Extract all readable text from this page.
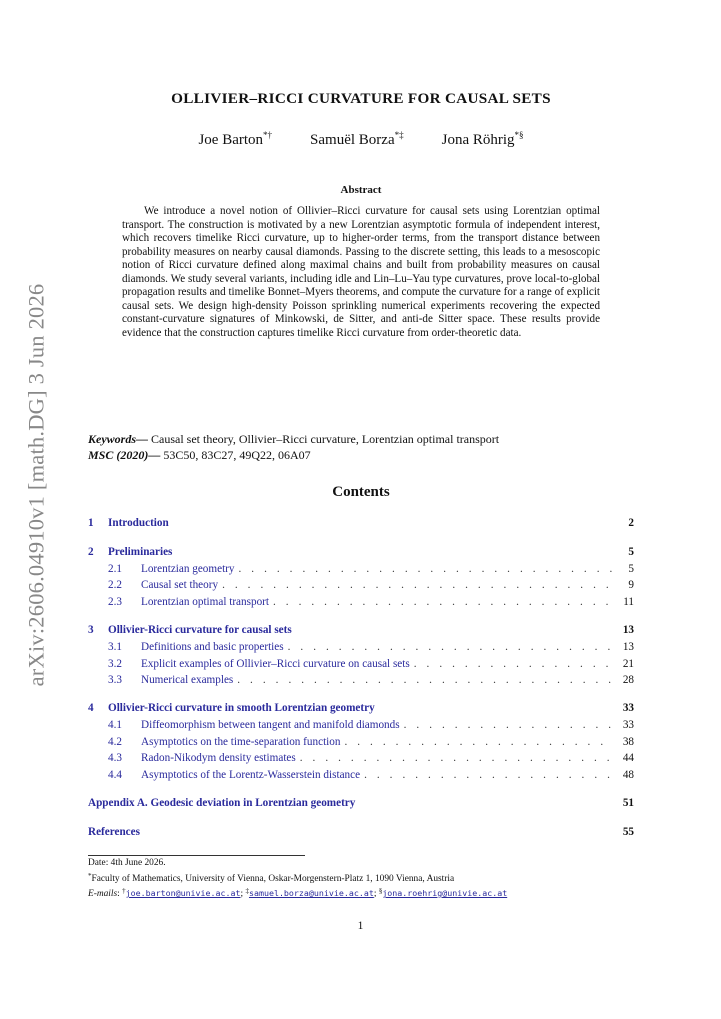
arXiv:2606.04910v1 [math.DG] 3 Jun 2026
OLLIVIER–RICCI CURVATURE FOR CAUSAL SETS
Joe Barton*†	Samuël Borza*‡	Jona Röhrig*§
Abstract
We introduce a novel notion of Ollivier–Ricci curvature for causal sets using Lorentzian optimal transport. The construction is motivated by a new Lorentzian asymptotic formula of independent interest, which recovers timelike Ricci curvature, up to higher-order terms, from the transport distance between probability measures on nearby causal diamonds. Passing to the discrete setting, this leads to a mesoscopic notion of Ricci curvature defined along maximal chains and built from probability measures on causal diamonds. We study several variants, including idle and Lin–Lu–Yau type curvatures, prove local-to-global propagation results and timelike Bonnet–Myers theorems, and compute the curvature for a range of explicit causal sets. We design high-density Poisson sprinkling numerical experiments recovering the expected constant-curvature signatures of Minkowski, de Sitter, and anti-de Sitter space. These results provide evidence that the construction captures timelike Ricci curvature from order-theoretic data.
Keywords— Causal set theory, Ollivier–Ricci curvature, Lorentzian optimal transport
MSC (2020)— 53C50, 83C27, 49Q22, 06A07
Contents
1	Introduction	2
2	Preliminaries	5
2.1	Lorentzian geometry . . .	5
2.2	Causal set theory . . .	9
2.3	Lorentzian optimal transport . . .	11
3	Ollivier-Ricci curvature for causal sets	13
3.1	Definitions and basic properties . . .	13
3.2	Explicit examples of Ollivier–Ricci curvature on causal sets . . .	21
3.3	Numerical examples . . .	28
4	Ollivier-Ricci curvature in smooth Lorentzian geometry	33
4.1	Diffeomorphism between tangent and manifold diamonds . . .	33
4.2	Asymptotics on the time-separation function . . .	38
4.3	Radon-Nikodym density estimates . . .	44
4.4	Asymptotics of the Lorentz-Wasserstein distance . . .	48
Appendix A. Geodesic deviation in Lorentzian geometry	51
References	55
Date: 4th June 2026.
*Faculty of Mathematics, University of Vienna, Oskar-Morgenstern-Platz 1, 1090 Vienna, Austria
E-mails: †joe.barton@univie.ac.at; ‡samuel.borza@univie.ac.at; §jona.roehrig@univie.ac.at
1
